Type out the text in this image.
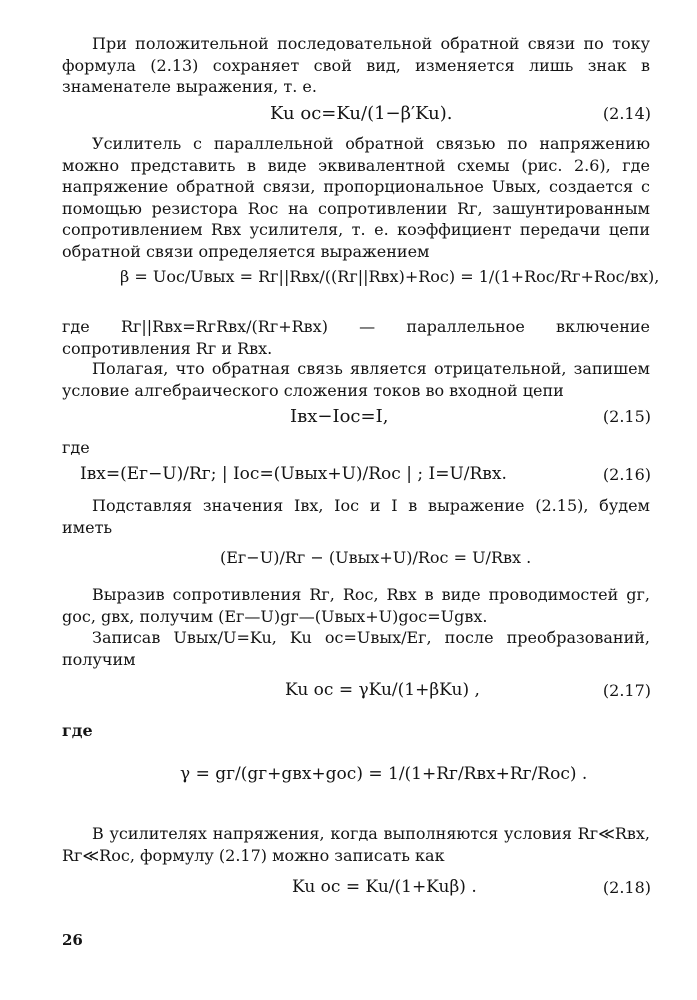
При положительной последовательной обратной связи по току формула (2.13) сохраняет свой вид, изменяется лишь знак в знаменателе выражения, т. е.
Ku ос=Ku/(1−β′Ku).	(2.14)
Усилитель с параллельной обратной связью по напряжению можно представить в виде эквивалентной схемы (рис. 2.6), где напряжение обратной связи, пропорциональное Uвых, создается с помощью резистора Rос на сопротивлении Rг, зашунтированным сопротивлением Rвх усилителя, т. е. коэффициент передачи цепи обратной связи определяется выражением
β = Uос/Uвых = Rг||Rвх/((Rг||Rвх)+Rос) = 1/(1+Rос/Rг+Rос/вх),
где Rг||Rвх=RгRвх/(Rг+Rвх) — параллельное включение сопротивления Rг и Rвх.
Полагая, что обратная связь является отрицательной, запишем условие алгебраического сложения токов во входной цепи
Iвх−Iос=I,	(2.15)
где
Iвх=(Eг−U)/Rг; | Iос=(Uвых+U)/Rос | ; I=U/Rвх.	(2.16)
Подставляя значения Iвх, Iос и I в выражение (2.15), будем иметь
(Eг−U)/Rг − (Uвых+U)/Rос = U/Rвх .
Выразив сопротивления Rг, Rос, Rвх в виде проводимостей gг, gос, gвх, получим (Eг—U)gг—(Uвых+U)gос=Ugвх.
Записав Uвых/U=Ku, Ku ос=Uвых/Eг, после преобразований, получим
Ku ос = γKu/(1+βKu) ,	(2.17)
где
γ = gг/(gг+gвх+gос) = 1/(1+Rг/Rвх+Rг/Rос) .
В усилителях напряжения, когда выполняются условия Rг≪Rвх, Rг≪Rос, формулу (2.17) можно записать как
Ku ос = Ku/(1+Kuβ) .	(2.18)
26
